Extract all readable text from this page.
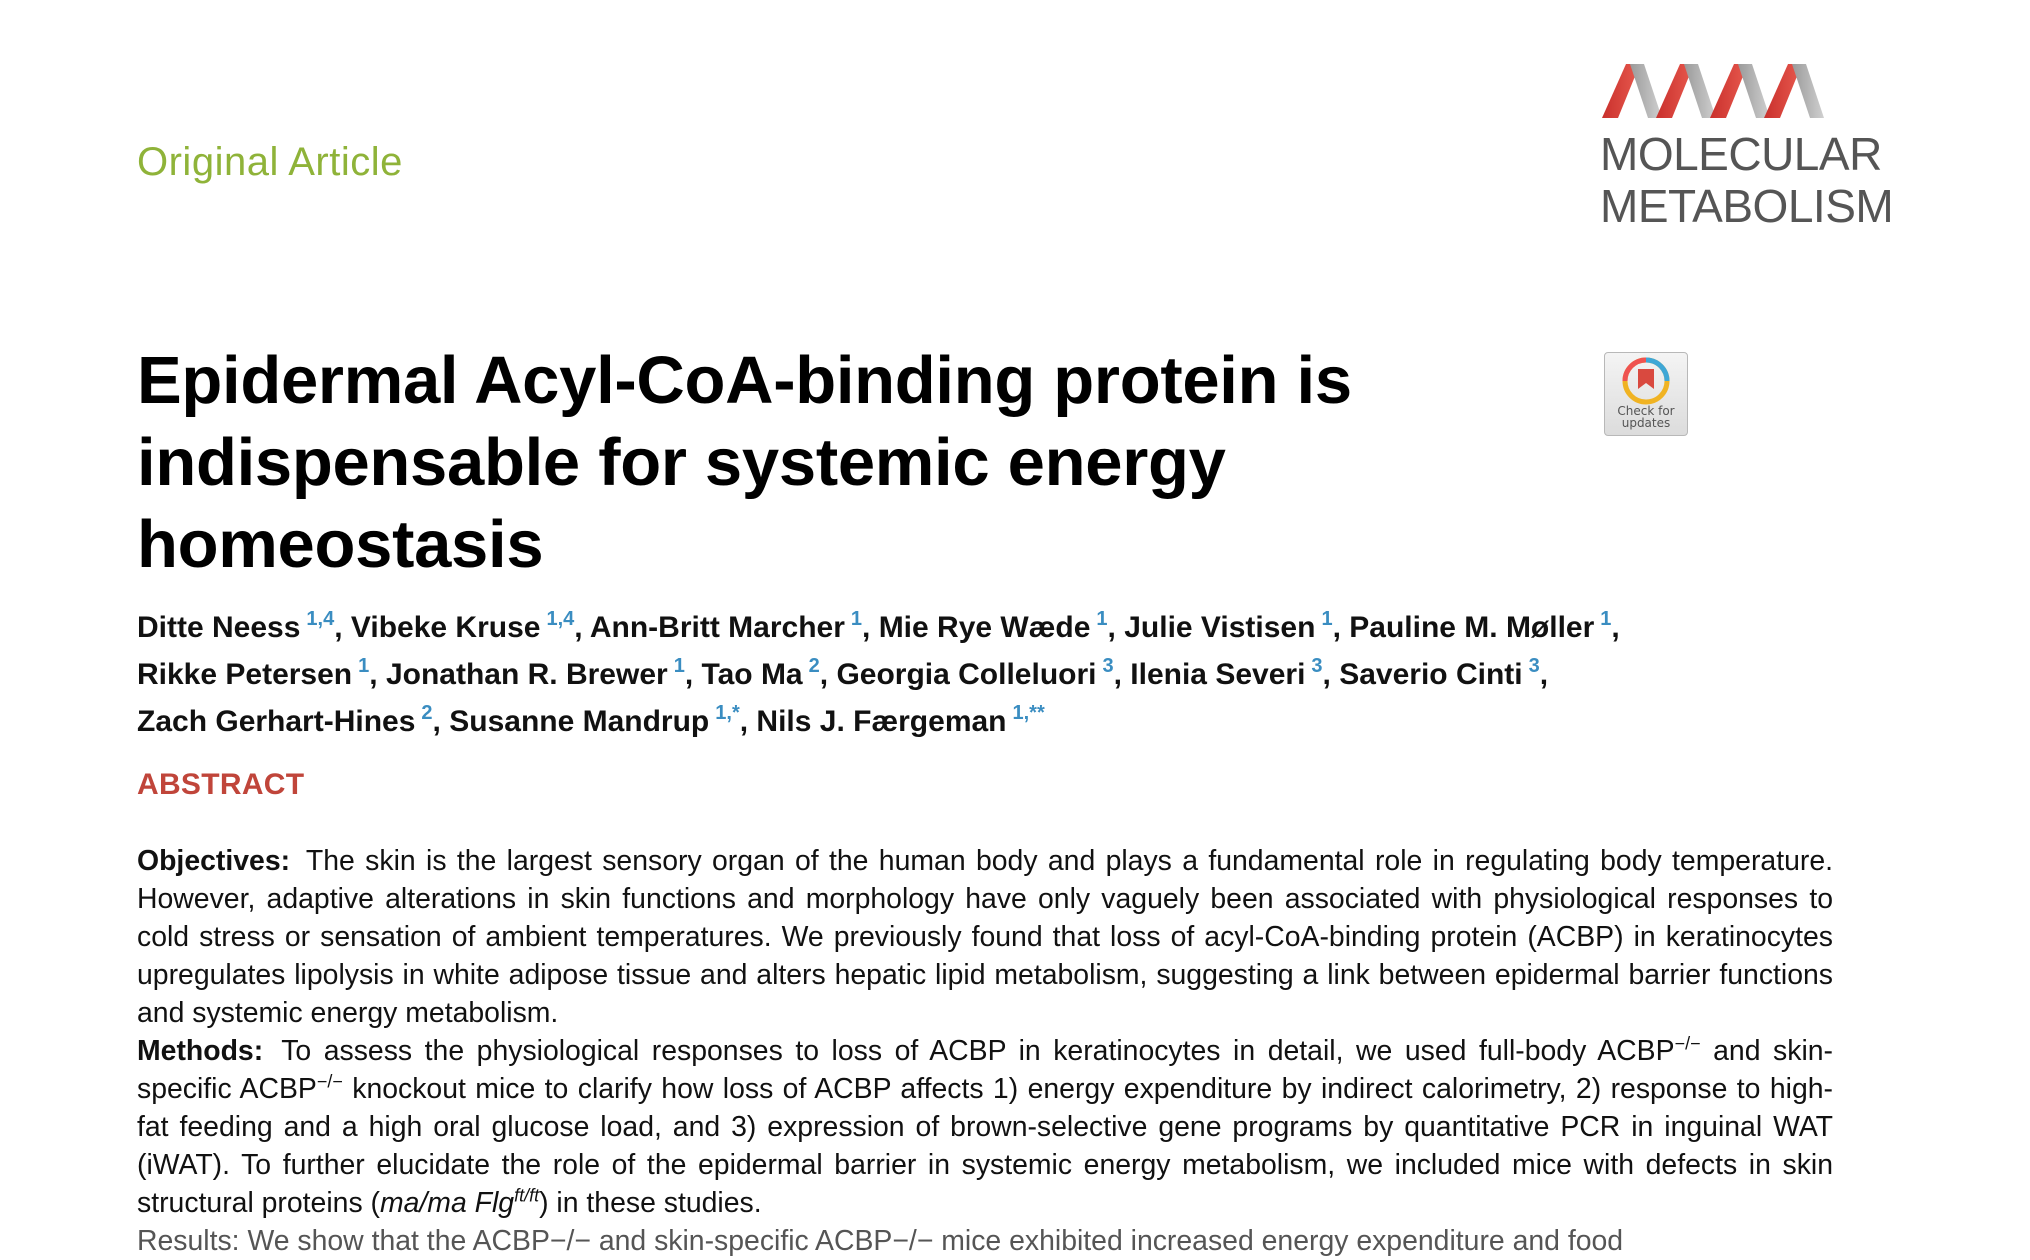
Original Article	MOLECULAR
METABOLISM
Epidermal Acyl-CoA-binding protein is indispensable for systemic energy homeostasis
Check for
updates
Ditte Neess $^{1,4}$, Vibeke Kruse $^{1,4}$, Ann-Britt Marcher $^1$, Mie Rye Wæde $^1$, Julie Vistisen $^1$, Pauline M. Møller $^1$,
Rikke Petersen $^1$, Jonathan R. Brewer $^1$, Tao Ma $^2$, Georgia Colleluori $^3$, Ilenia Severi $^3$, Saverio Cinti $^3$,
Zach Gerhart-Hines $^2$, Susanne Mandrup $^{1,*}$, Nils J. Færgeman $^{1,**}$
ABSTRACT

Objectives: The skin is the largest sensory organ of the human body and plays a fundamental role in regulating body temperature. However, adaptive alterations in skin functions and morphology have only vaguely been associated with physiological responses to cold stress or sensation of ambient temperatures. We previously found that loss of acyl-CoA-binding protein (ACBP) in keratinocytes upregulates lipolysis in white adipose tissue and alters hepatic lipid metabolism, suggesting a link between epidermal barrier functions and systemic energy metabolism.

Methods: To assess the physiological responses to loss of ACBP in keratinocytes in detail, we used full-body ACBP−/− and skin-specific ACBP−/− knockout mice to clarify how loss of ACBP affects 1) energy expenditure by indirect calorimetry, 2) response to high-fat feeding and a high oral glucose load, and 3) expression of brown-selective gene programs by quantitative PCR in inguinal WAT (iWAT). To further elucidate the role of the epidermal barrier in systemic energy metabolism, we included mice with defects in skin structural proteins (ma/ma Flg$^{ft/ft}$) in these studies.

Results: We show that the ACBP−/− and skin-specific ACBP−/− mice exhibited increased energy expenditure and food
